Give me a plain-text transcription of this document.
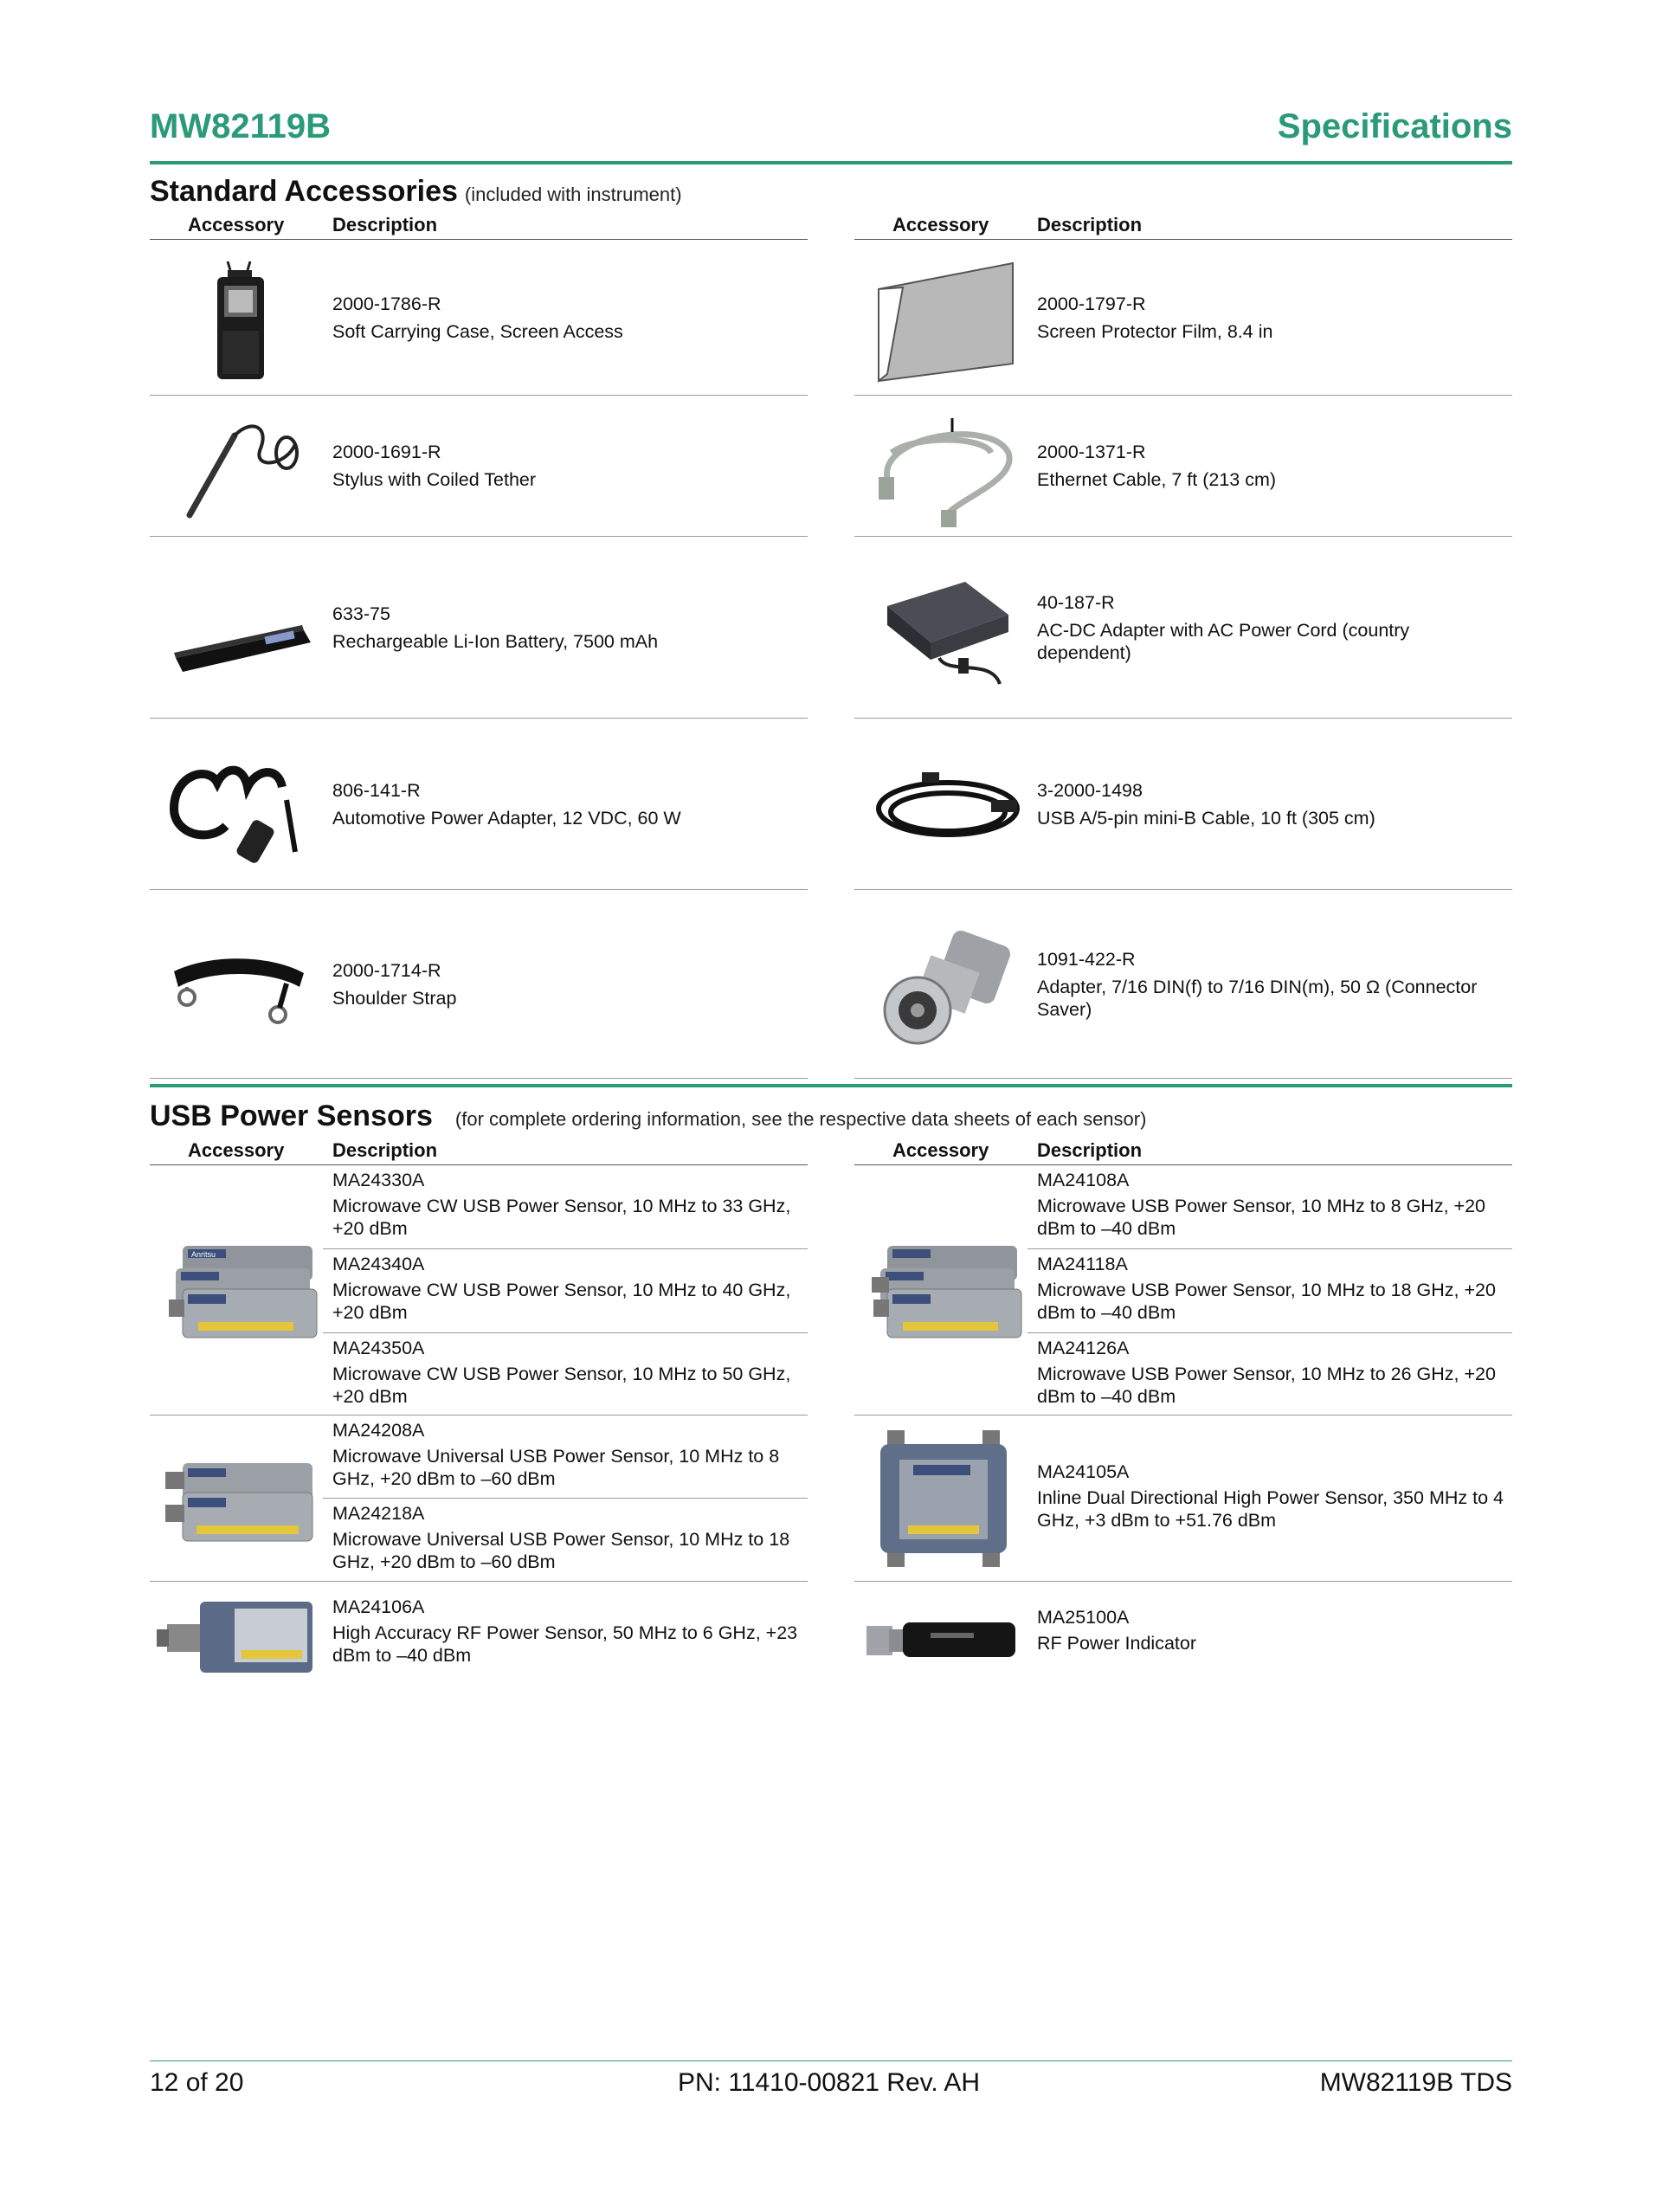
MW82119B	Specifications
Standard Accessories (included with instrument)
Accessory	Description
2000-1786-R
Soft Carrying Case, Screen Access
2000-1691-R
Stylus with Coiled Tether
633-75
Rechargeable Li-Ion Battery, 7500 mAh
806-141-R
Automotive Power Adapter, 12 VDC, 60 W
2000-1714-R
Shoulder Strap
Accessory	Description
2000-1797-R
Screen Protector Film, 8.4 in
2000-1371-R
Ethernet Cable, 7 ft (213 cm)
40-187-R
AC-DC Adapter with AC Power Cord (country dependent)
3-2000-1498
USB A/5-pin mini-B Cable, 10 ft (305 cm)
1091-422-R
Adapter, 7/16 DIN(f) to 7/16 DIN(m), 50 Ω (Connector Saver)
USB Power Sensors (for complete ordering information, see the respective data sheets of each sensor)
Accessory	Description
Anritsu
MA24330A
Microwave CW USB Power Sensor, 10 MHz to 33 GHz, +20 dBm
MA24340A
Microwave CW USB Power Sensor, 10 MHz to 40 GHz, +20 dBm
MA24350A
Microwave CW USB Power Sensor, 10 MHz to 50 GHz, +20 dBm
MA24208A
Microwave Universal USB Power Sensor, 10 MHz to 8 GHz, +20 dBm to –60 dBm
MA24218A
Microwave Universal USB Power Sensor, 10 MHz to 18 GHz, +20 dBm to –60 dBm
MA24106A
High Accuracy RF Power Sensor, 50 MHz to 6 GHz, +23 dBm to –40 dBm
Accessory	Description
MA24108A
Microwave USB Power Sensor, 10 MHz to 8 GHz, +20 dBm to –40 dBm
MA24118A
Microwave USB Power Sensor, 10 MHz to 18 GHz, +20 dBm to –40 dBm
MA24126A
Microwave USB Power Sensor, 10 MHz to 26 GHz, +20 dBm to –40 dBm
MA24105A
Inline Dual Directional High Power Sensor, 350 MHz to 4 GHz, +3 dBm to +51.76 dBm
MA25100A
RF Power Indicator
12 of 20	PN: 11410-00821 Rev. AH	MW82119B TDS
